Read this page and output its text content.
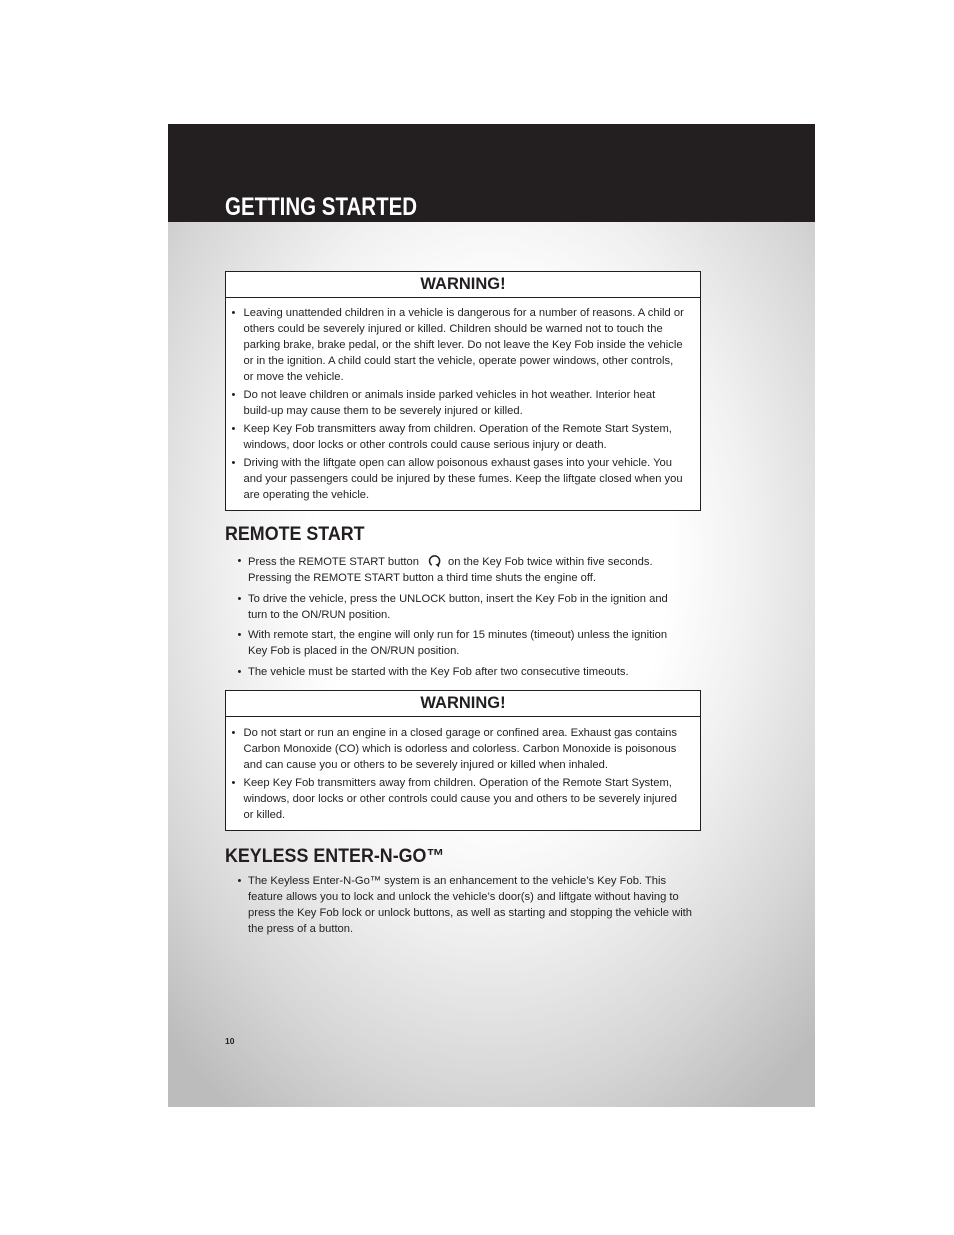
GETTING STARTED
WARNING!
• Leaving unattended children in a vehicle is dangerous for a number of reasons. A child or
others could be severely injured or killed. Children should be warned not to touch the
parking brake, brake pedal, or the shift lever. Do not leave the Key Fob inside the vehicle
or in the ignition. A child could start the vehicle, operate power windows, other controls,
or move the vehicle.
• Do not leave children or animals inside parked vehicles in hot weather. Interior heat
build-up may cause them to be severely injured or killed.
• Keep Key Fob transmitters away from children. Operation of the Remote Start System,
windows, door locks or other controls could cause serious injury or death.
• Driving with the liftgate open can allow poisonous exhaust gases into your vehicle. You
and your passengers could be injured by these fumes. Keep the liftgate closed when you
are operating the vehicle.
REMOTE START
• Press the REMOTE START button	on the Key Fob twice within five seconds.
Pressing the REMOTE START button a third time shuts the engine off.
• To drive the vehicle, press the UNLOCK button, insert the Key Fob in the ignition and
turn to the ON/RUN position.
• With remote start, the engine will only run for 15 minutes (timeout) unless the ignition
Key Fob is placed in the ON/RUN position.
• The vehicle must be started with the Key Fob after two consecutive timeouts.
WARNING!
• Do not start or run an engine in a closed garage or confined area. Exhaust gas contains
Carbon Monoxide (CO) which is odorless and colorless. Carbon Monoxide is poisonous
and can cause you or others to be severely injured or killed when inhaled.
• Keep Key Fob transmitters away from children. Operation of the Remote Start System,
windows, door locks or other controls could cause you and others to be severely injured
or killed.
KEYLESS ENTER-N-GO™
• The Keyless Enter-N-Go™ system is an enhancement to the vehicle’s Key Fob. This
feature allows you to lock and unlock the vehicle’s door(s) and liftgate without having to
press the Key Fob lock or unlock buttons, as well as starting and stopping the vehicle with
the press of a button.
10
